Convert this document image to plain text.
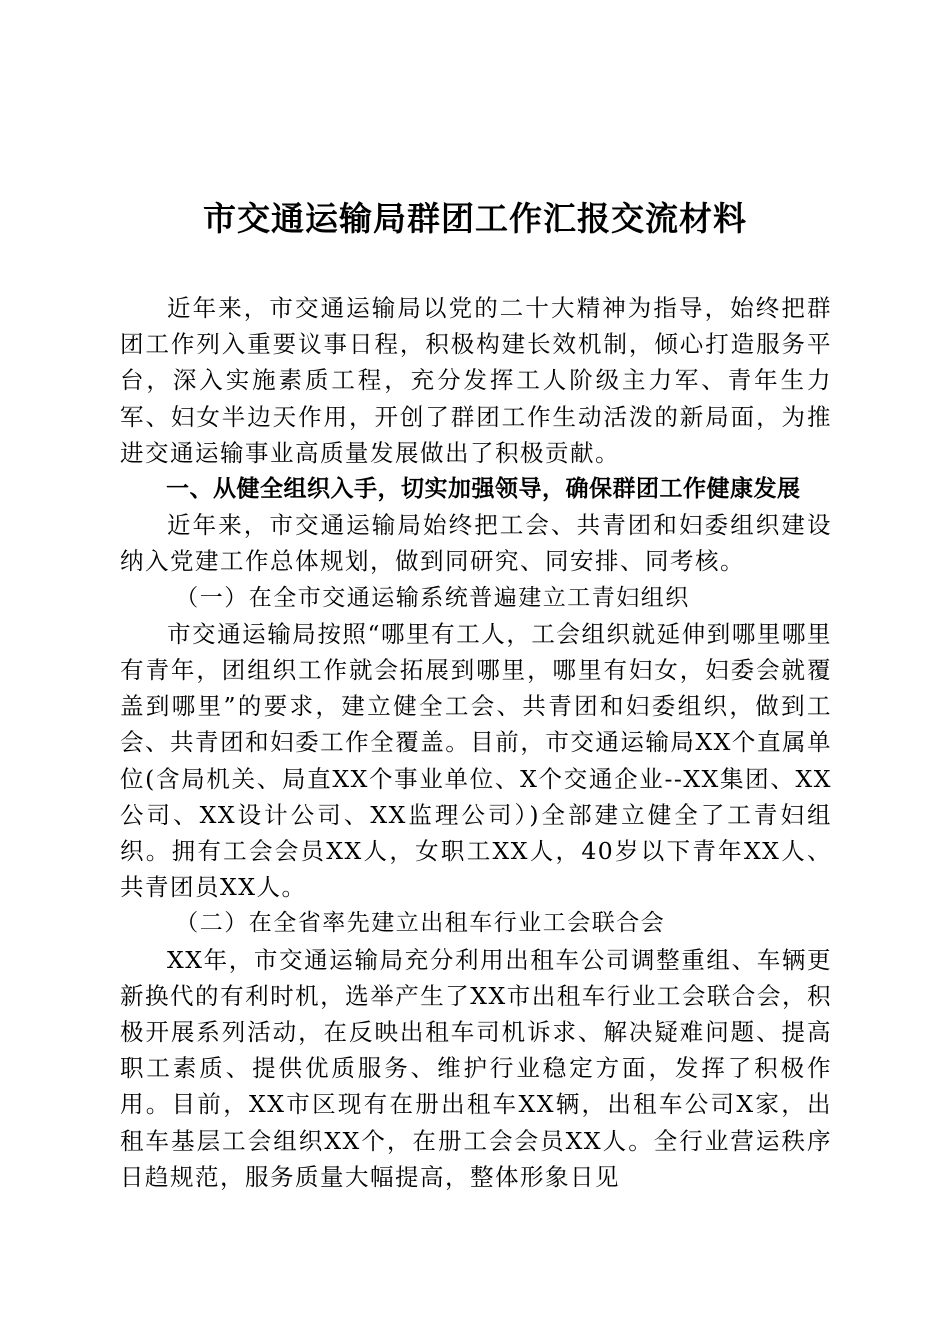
市交通运输局群团工作汇报交流材料

近年来，市交通运输局以党的二十大精神为指导，始终把群团工作列入重要议事日程，积极构建长效机制，倾心打造服务平台，深入实施素质工程，充分发挥工人阶级主力军、青年生力军、妇女半边天作用，开创了群团工作生动活泼的新局面，为推进交通运输事业高质量发展做出了积极贡献。

一、从健全组织入手，切实加强领导，确保群团工作健康发展

近年来，市交通运输局始终把工会、共青团和妇委组织建设纳入党建工作总体规划，做到同研究、同安排、同考核。

（一）在全市交通运输系统普遍建立工青妇组织

市交通运输局按照“哪里有工人，工会组织就延伸到哪里哪里有青年，团组织工作就会拓展到哪里，哪里有妇女，妇委会就覆盖到哪里”的要求，建立健全工会、共青团和妇委组织，做到工会、共青团和妇委工作全覆盖。目前，市交通运输局XX个直属单位(含局机关、局直XX个事业单位、X个交通企业--XX集团、XX公司、XX设计公司、XX监理公司）)全部建立健全了工青妇组织。拥有工会会员XX人，女职工XX人，40岁以下青年XX人、共青团员XX人。

（二）在全省率先建立出租车行业工会联合会

XX年，市交通运输局充分利用出租车公司调整重组、车辆更新换代的有利时机，选举产生了XX市出租车行业工会联合会，积极开展系列活动，在反映出租车司机诉求、解决疑难问题、提高职工素质、提供优质服务、维护行业稳定方面，发挥了积极作用。目前，XX市区现有在册出租车XX辆，出租车公司X家，出租车基层工会组织XX个，在册工会会员XX人。全行业营运秩序日趋规范，服务质量大幅提高，整体形象日见
